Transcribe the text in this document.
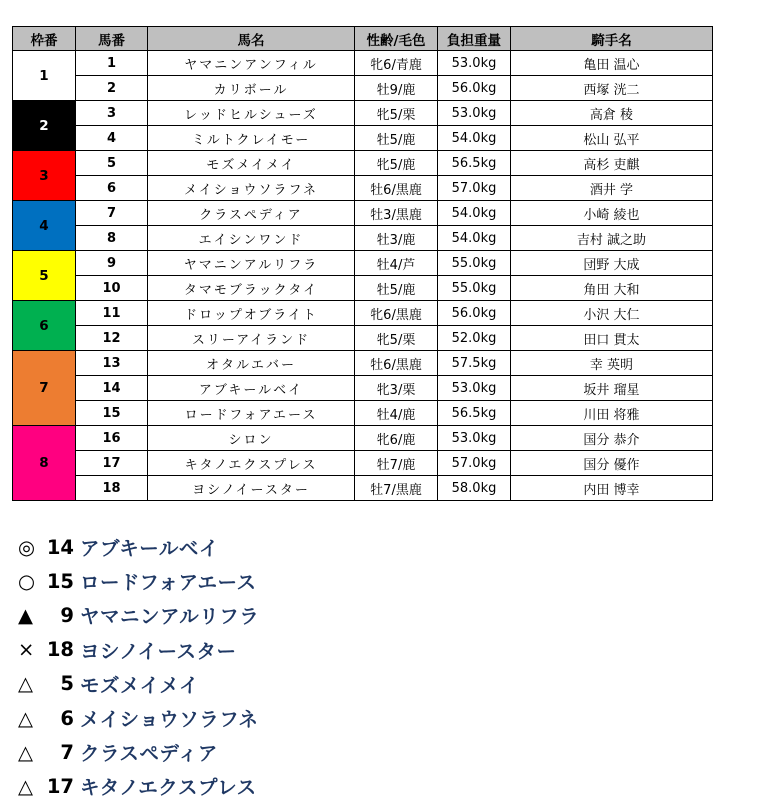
枠番	馬番	馬名	性齢/毛色	負担重量	騎手名
1	1	ヤマニンアンフィル	牝6/青鹿	53.0kg	亀田 温心
	2	カリボール	牡9/鹿	56.0kg	西塚 洸二
2	3	レッドヒルシューズ	牝5/栗	53.0kg	高倉 稜
	4	ミルトクレイモー	牡5/鹿	54.0kg	松山 弘平
3	5	モズメイメイ	牝5/鹿	56.5kg	高杉 吏麒
	6	メイショウソラフネ	牡6/黒鹿	57.0kg	酒井 学
4	7	クラスペディア	牡3/黒鹿	54.0kg	小崎 綾也
	8	エイシンワンド	牡3/鹿	54.0kg	吉村 誠之助
5	9	ヤマニンアルリフラ	牡4/芦	55.0kg	団野 大成
	10	タマモブラックタイ	牡5/鹿	55.0kg	角田 大和
6	11	ドロップオブライト	牝6/黒鹿	56.0kg	小沢 大仁
	12	スリーアイランド	牝5/栗	52.0kg	田口 貫太
7	13	オタルエバー	牡6/黒鹿	57.5kg	幸 英明
	14	アブキールベイ	牝3/栗	53.0kg	坂井 瑠星
	15	ロードフォアエース	牡4/鹿	56.5kg	川田 将雅
8	16	シロン	牝6/鹿	53.0kg	国分 恭介
	17	キタノエクスプレス	牡7/鹿	57.0kg	国分 優作
	18	ヨシノイースター	牡7/黒鹿	58.0kg	内田 博幸
◎ 14 アブキールベイ
○ 15 ロードフォアエース
▲	9 ヤマニンアルリフラ
× 18 ヨシノイースター
△	5 モズメイメイ
△	6 メイショウソラフネ
△	7 クラスペディア
△ 17 キタノエクスプレス
